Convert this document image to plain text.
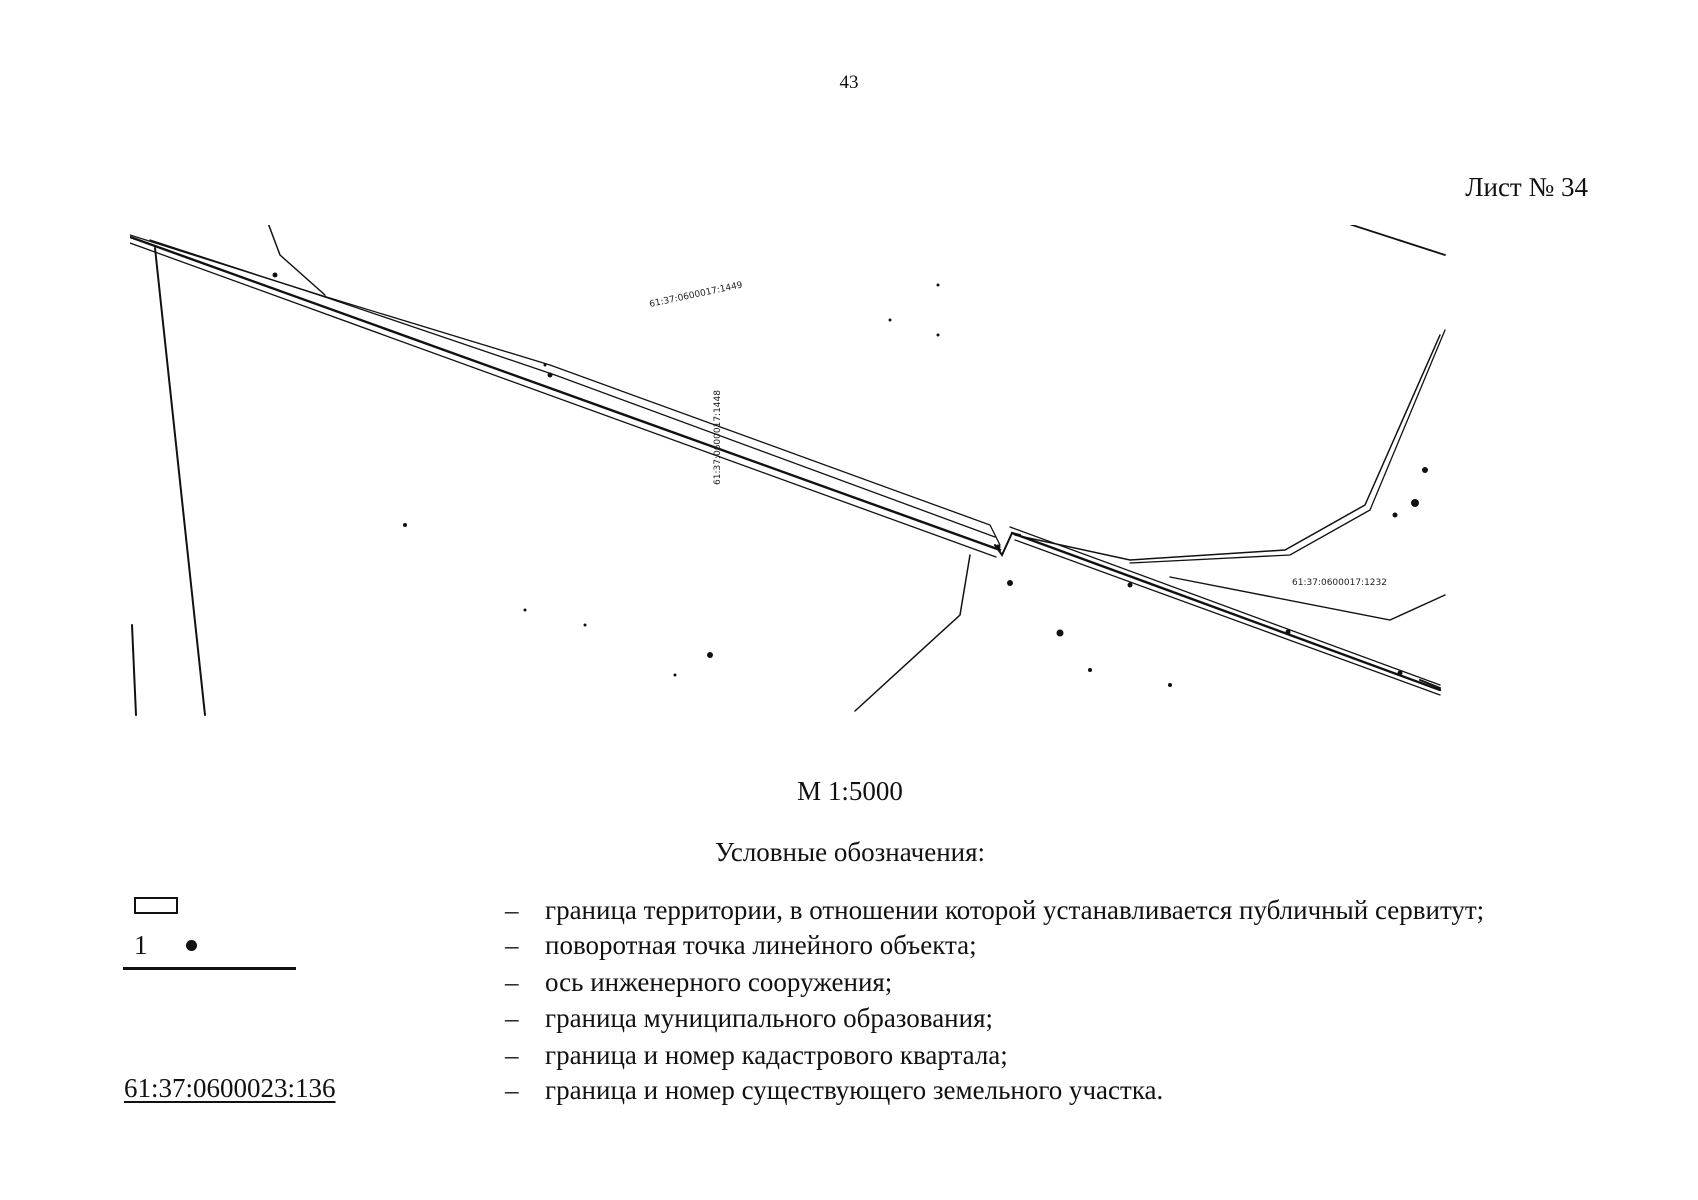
43
Лист № 34
61:37:0600017:1232
61:37:0600017:1448
61:37:0600017:1449
М 1:5000
Условные обозначения:
– граница территории, в отношении которой устанавливается публичный сервитут;
1	– поворотная точка линейного объекта;
– ось инженерного сооружения;
– граница муниципального образования;
– граница и номер кадастрового квартала;
61:37:0600023:136	– граница и номер существующего земельного участка.
